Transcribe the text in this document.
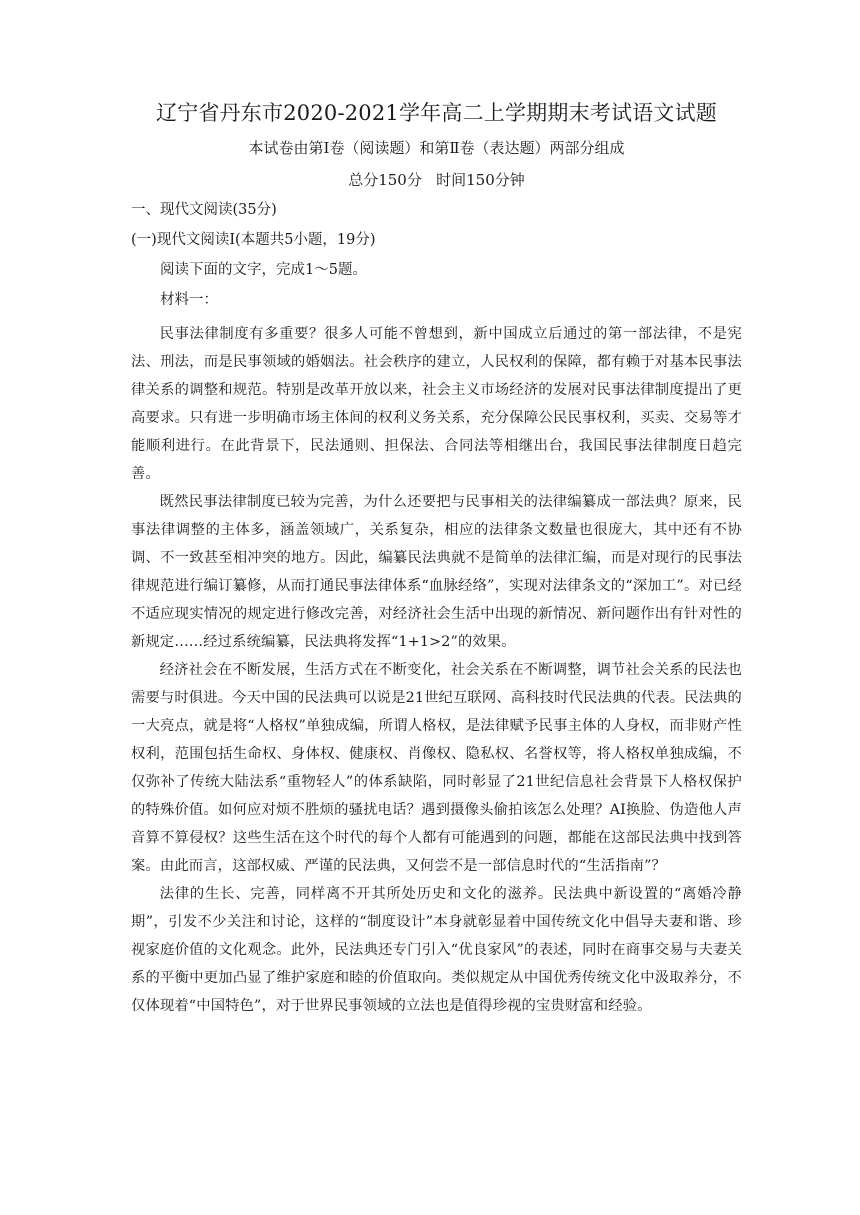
辽宁省丹东市2020-2021学年高二上学期期末考试语文试题
本试卷由第Ⅰ卷（阅读题）和第Ⅱ卷（表达题）两部分组成
总分150分   时间150分钟
一、现代文阅读(35分)
(一)现代文阅读Ⅰ(本题共5小题，19分)
阅读下面的文字，完成1～5题。
材料一：

民事法律制度有多重要？很多人可能不曾想到，新中国成立后通过的第一部法律，不是宪法、刑法，而是民事领域的婚姻法。社会秩序的建立，人民权利的保障，都有赖于对基本民事法律关系的调整和规范。特别是改革开放以来，社会主义市场经济的发展对民事法律制度提出了更高要求。只有进一步明确市场主体间的权利义务关系，充分保障公民民事权利，买卖、交易等才能顺利进行。在此背景下，民法通则、担保法、合同法等相继出台，我国民事法律制度日趋完善。

既然民事法律制度已较为完善，为什么还要把与民事相关的法律编纂成一部法典？原来，民事法律调整的主体多，涵盖领域广，关系复杂，相应的法律条文数量也很庞大，其中还有不协调、不一致甚至相冲突的地方。因此，编纂民法典就不是简单的法律汇编，而是对现行的民事法律规范进行编订纂修，从而打通民事法律体系“血脉经络”，实现对法律条文的“深加工”。对已经不适应现实情况的规定进行修改完善，对经济社会生活中出现的新情况、新问题作出有针对性的新规定……经过系统编纂，民法典将发挥“1+1>2”的效果。

经济社会在不断发展，生活方式在不断变化，社会关系在不断调整，调节社会关系的民法也需要与时俱进。今天中国的民法典可以说是21世纪互联网、高科技时代民法典的代表。民法典的一大亮点，就是将“人格权”单独成编，所谓人格权，是法律赋予民事主体的人身权，而非财产性权利，范围包括生命权、身体权、健康权、肖像权、隐私权、名誉权等，将人格权单独成编，不仅弥补了传统大陆法系“重物轻人”的体系缺陷，同时彰显了21世纪信息社会背景下人格权保护的特殊价值。如何应对烦不胜烦的骚扰电话？遇到摄像头偷拍该怎么处理？AI换脸、伪造他人声音算不算侵权？这些生活在这个时代的每个人都有可能遇到的问题，都能在这部民法典中找到答案。由此而言，这部权威、严谨的民法典，又何尝不是一部信息时代的“生活指南”？

法律的生长、完善，同样离不开其所处历史和文化的滋养。民法典中新设置的“离婚冷静期”，引发不少关注和讨论，这样的“制度设计”本身就彰显着中国传统文化中倡导夫妻和谐、珍视家庭价值的文化观念。此外，民法典还专门引入“优良家风”的表述，同时在商事交易与夫妻关系的平衡中更加凸显了维护家庭和睦的价值取向。类似规定从中国优秀传统文化中汲取养分，不仅体现着“中国特色”，对于世界民事领域的立法也是值得珍视的宝贵财富和经验。
